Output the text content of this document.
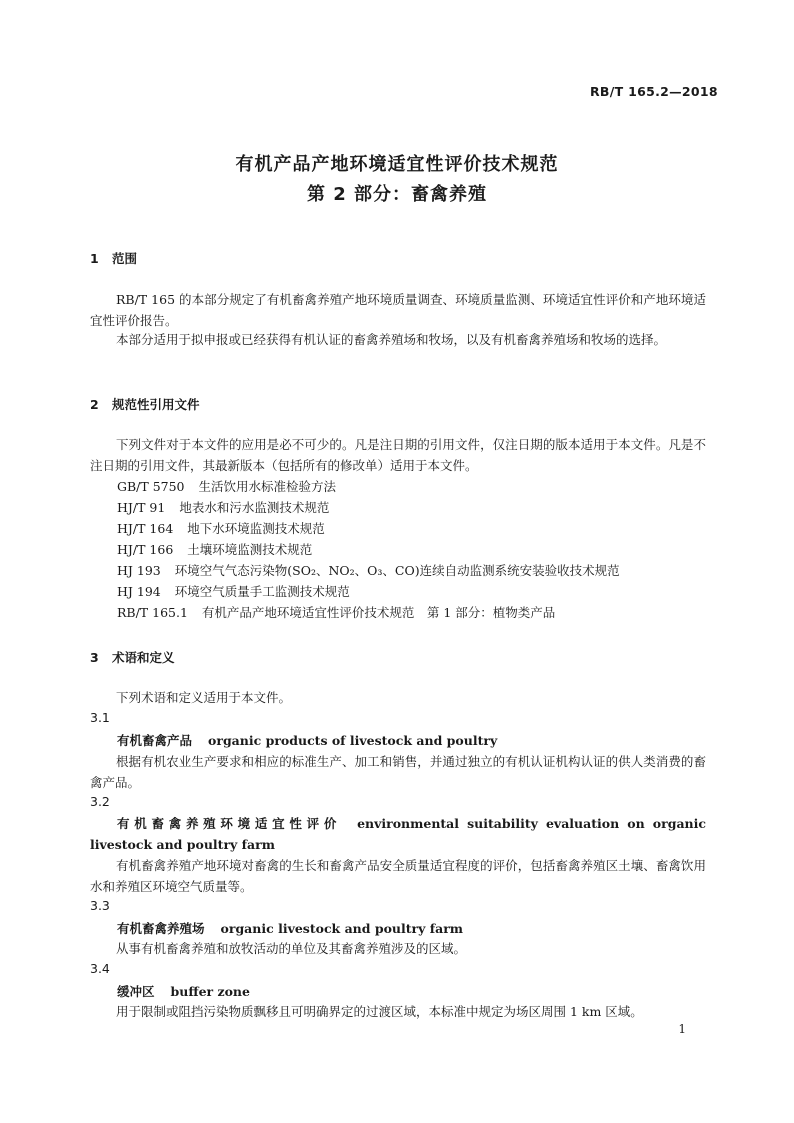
RB/T 165.2—2018
有机产品产地环境适宜性评价技术规范
第 2 部分：畜禽养殖
1 范围
RB/T 165 的本部分规定了有机畜禽养殖产地环境质量调查、环境质量监测、环境适宜性评价和产地环境适宜性评价报告。
本部分适用于拟申报或已经获得有机认证的畜禽养殖场和牧场，以及有机畜禽养殖场和牧场的选择。
2 规范性引用文件
下列文件对于本文件的应用是必不可少的。凡是注日期的引用文件，仅注日期的版本适用于本文件。凡是不注日期的引用文件，其最新版本（包括所有的修改单）适用于本文件。
GB/T 5750 生活饮用水标准检验方法
HJ/T 91 地表水和污水监测技术规范
HJ/T 164 地下水环境监测技术规范
HJ/T 166 土壤环境监测技术规范
HJ 193 环境空气气态污染物(SO₂、NO₂、O₃、CO)连续自动监测系统安装验收技术规范
HJ 194 环境空气质量手工监测技术规范
RB/T 165.1 有机产品产地环境适宜性评价技术规范　第 1 部分：植物类产品
3 术语和定义
下列术语和定义适用于本文件。
3.1
有机畜禽产品 organic products of livestock and poultry
根据有机农业生产要求和相应的标准生产、加工和销售，并通过独立的有机认证机构认证的供人类消费的畜禽产品。
3.2
有机畜禽养殖环境适宜性评价 environmental suitability evaluation on organic livestock and poultry farm
有机畜禽养殖产地环境对畜禽的生长和畜禽产品安全质量适宜程度的评价，包括畜禽养殖区土壤、畜禽饮用水和养殖区环境空气质量等。
3.3
有机畜禽养殖场 organic livestock and poultry farm
从事有机畜禽养殖和放牧活动的单位及其畜禽养殖涉及的区域。
3.4
缓冲区 buffer zone
用于限制或阻挡污染物质飘移且可明确界定的过渡区域，本标准中规定为场区周围 1 km 区域。
1
